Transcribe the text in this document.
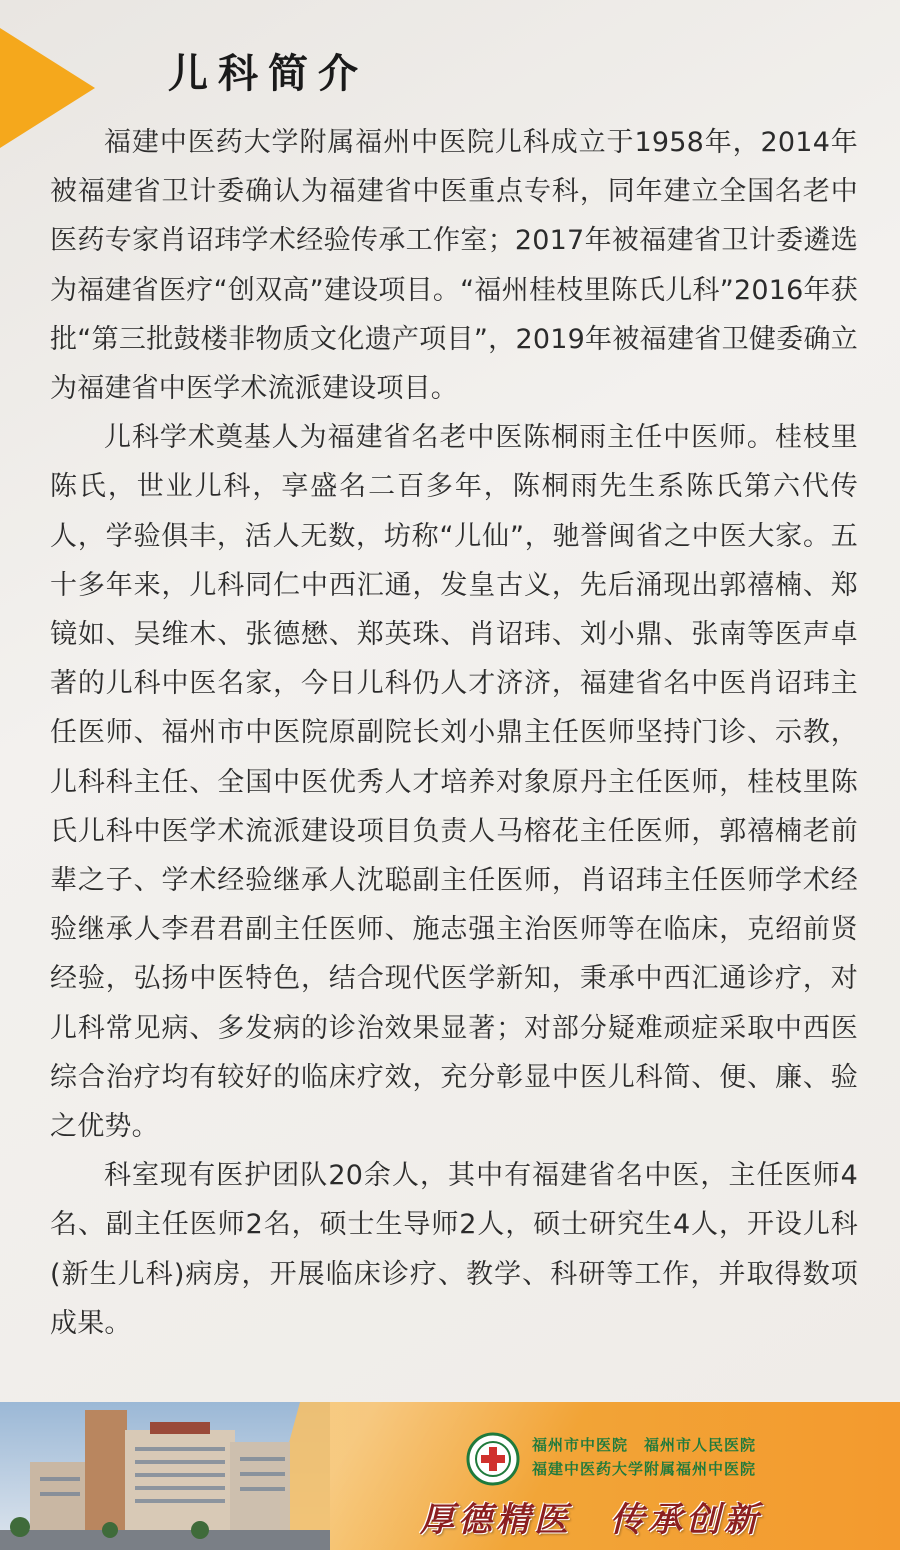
儿科简介

福建中医药大学附属福州中医院儿科成立于1958年，2014年被福建省卫计委确认为福建省中医重点专科，同年建立全国名老中医药专家肖诏玮学术经验传承工作室；2017年被福建省卫计委遴选为福建省医疗“创双高”建设项目。“福州桂枝里陈氏儿科”2016年获批“第三批鼓楼非物质文化遗产项目”，2019年被福建省卫健委确立为福建省中医学术流派建设项目。

儿科学术奠基人为福建省名老中医陈桐雨主任中医师。桂枝里陈氏，世业儿科，享盛名二百多年，陈桐雨先生系陈氏第六代传人，学验俱丰，活人无数，坊称“儿仙”，驰誉闽省之中医大家。五十多年来，儿科同仁中西汇通，发皇古义，先后涌现出郭禧楠、郑镜如、吴维木、张德懋、郑英珠、肖诏玮、刘小鼎、张南等医声卓著的儿科中医名家，今日儿科仍人才济济，福建省名中医肖诏玮主任医师、福州市中医院原副院长刘小鼎主任医师坚持门诊、示教，儿科科主任、全国中医优秀人才培养对象原丹主任医师，桂枝里陈氏儿科中医学术流派建设项目负责人马榕花主任医师，郭禧楠老前辈之子、学术经验继承人沈聪副主任医师，肖诏玮主任医师学术经验继承人李君君副主任医师、施志强主治医师等在临床，克绍前贤经验，弘扬中医特色，结合现代医学新知，秉承中西汇通诊疗，对儿科常见病、多发病的诊治效果显著；对部分疑难顽症采取中西医综合治疗均有较好的临床疗效，充分彰显中医儿科简、便、廉、验之优势。

科室现有医护团队20余人，其中有福建省名中医，主任医师4名、副主任医师2名，硕士生导师2人，硕士研究生4人，开设儿科(新生儿科)病房，开展临床诊疗、教学、科研等工作，并取得数项成果。

福州市中医院　福州市人民医院
福建中医药大学附属福州中医院
厚德精医　传承创新
